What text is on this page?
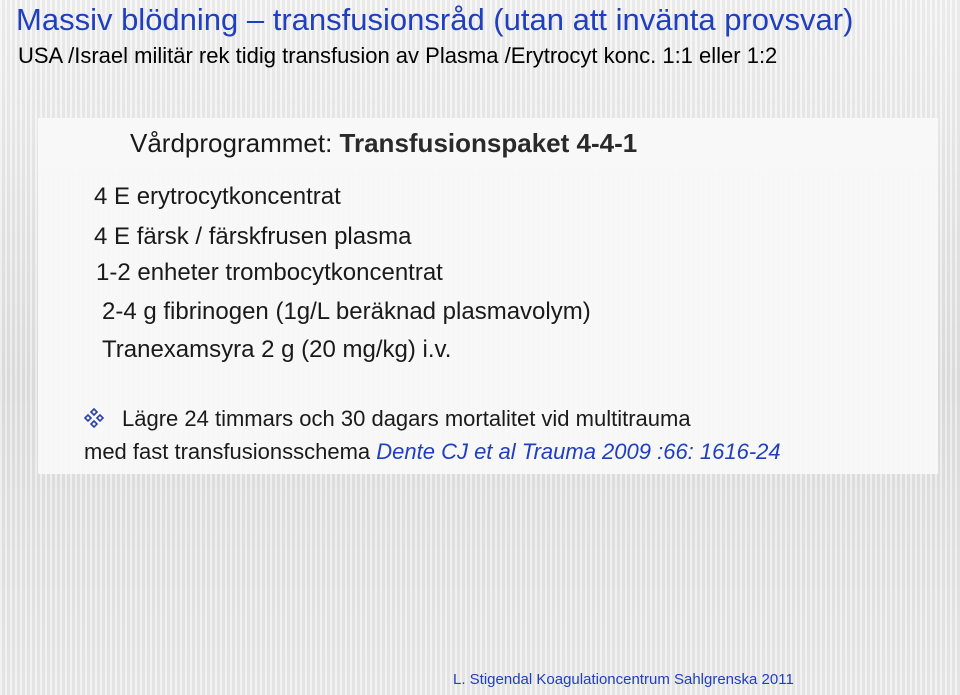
Massiv blödning – transfusionsråd (utan att invänta provsvar)

USA /Israel militär rek tidig transfusion av Plasma /Erytrocyt konc. 1:1 eller 1:2

Vårdprogrammet: Transfusionspaket 4-4-1

4 E erytrocytkoncentrat

4 E färsk / färskfrusen plasma

1-2 enheter trombocytkoncentrat

2-4 g fibrinogen (1g/L beräknad plasmavolym)

Tranexamsyra 2 g (20 mg/kg) i.v.

Lägre 24 timmars och 30 dagars mortalitet vid multitrauma

med fast transfusionsschema Dente CJ et al Trauma 2009 :66: 1616-24

L. Stigendal Koagulationcentrum Sahlgrenska 2011
